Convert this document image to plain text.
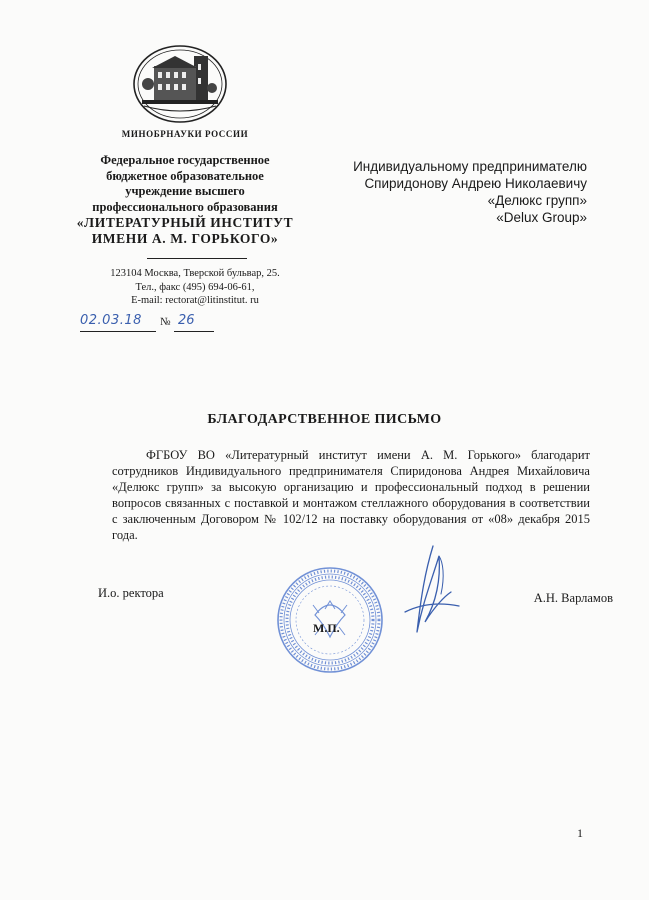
МИНОБРНАУКИ РОССИИ
Федеральное государственное
бюджетное образовательное
учреждение высшего
профессионального образования
«ЛИТЕРАТУРНЫЙ ИНСТИТУТ
ИМЕНИ А. М. ГОРЬКОГО»
123104 Москва, Тверской бульвар, 25.
Тел., факс (495) 694-06-61,
E-mail: rectorat@litinstitut. ru
02.03.18 № 26
Индивидуальному предпринимателю
Спиридонову Андрею Николаевичу
«Делюкс групп»
«Delux Group»
БЛАГОДАРСТВЕННОЕ ПИСЬМО

ФГБОУ ВО «Литературный институт имени А. М. Горького» благодарит сотрудников Индивидуального предпринимателя Спиридонова Андрея Михайловича «Делюкс групп» за высокую организацию и профессиональный подход в решении вопросов связанных с поставкой и монтажом стеллажного оборудования в соответствии с заключенным Договором № 102/12 на поставку оборудования от «08» декабря 2015 года.

И.о. ректора
М.П.
А.Н. Варламов
1
